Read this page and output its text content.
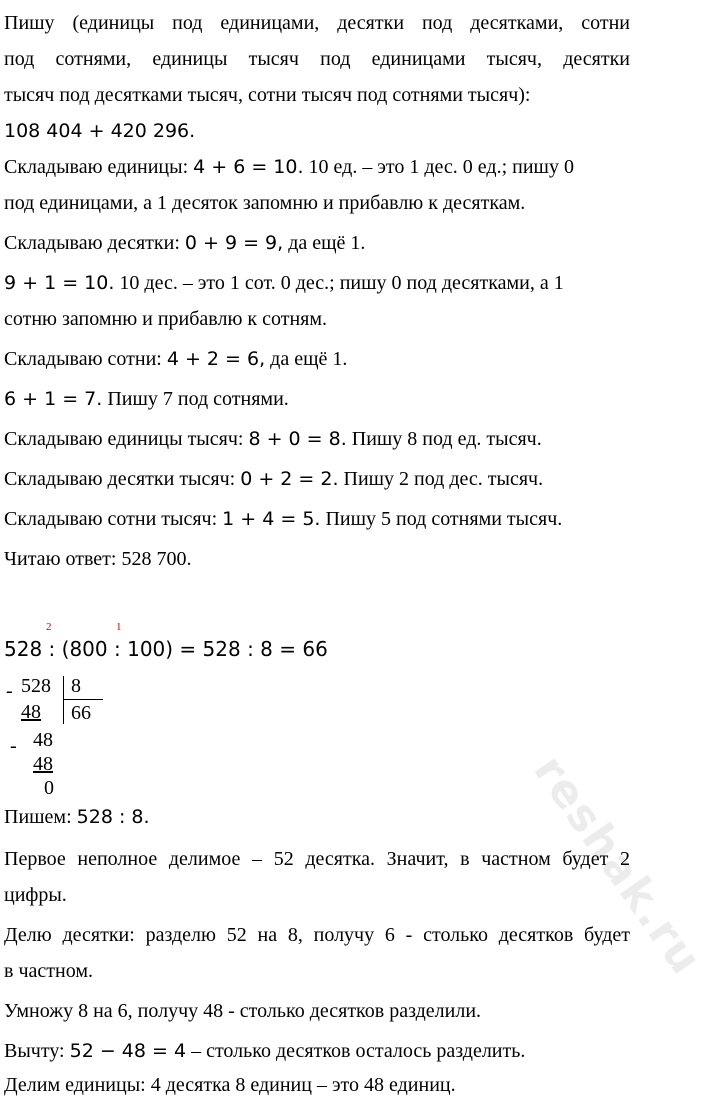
reshak.ru
Пишу (единицы под единицами, десятки под десятками, сотни
под сотнями, единицы тысяч под единицами тысяч, десятки
тысяч под десятками тысяч, сотни тысяч под сотнями тысяч):
108 404 + 420 296.
Складываю единицы: 4 + 6 = 10. 10 ед. – это 1 дес. 0 ед.; пишу 0
под единицами, а 1 десяток запомню и прибавлю к десяткам.
Складываю десятки: 0 + 9 = 9, да ещё 1.
9 + 1 = 10. 10 дес. – это 1 сот. 0 дес.; пишу 0 под десятками, а 1
сотню запомню и прибавлю к сотням.
Складываю сотни: 4 + 2 = 6, да ещё 1.
6 + 1 = 7. Пишу 7 под сотнями.
Складываю единицы тысяч: 8 + 0 = 8. Пишу 8 под ед. тысяч.
Складываю десятки тысяч: 0 + 2 = 2. Пишу 2 под дес. тысяч.
Складываю сотни тысяч: 1 + 4 = 5. Пишу 5 под сотнями тысяч.
Читаю ответ: 528 700.
2	1
528 : (800 : 100) = 528 : 8 = 66
- 528 8
48 66
- 48
48
0
Пишем: 528 : 8.
Первое неполное делимое – 52 десятка. Значит, в частном будет 2
цифры.
Делю десятки: разделю 52 на 8, получу 6 - столько десятков будет
в частном.
Умножу 8 на 6, получу 48 - столько десятков разделили.
Вычту: 52 − 48 = 4 – столько десятков осталось разделить.
Делим единицы: 4 десятка 8 единиц – это 48 единиц.
